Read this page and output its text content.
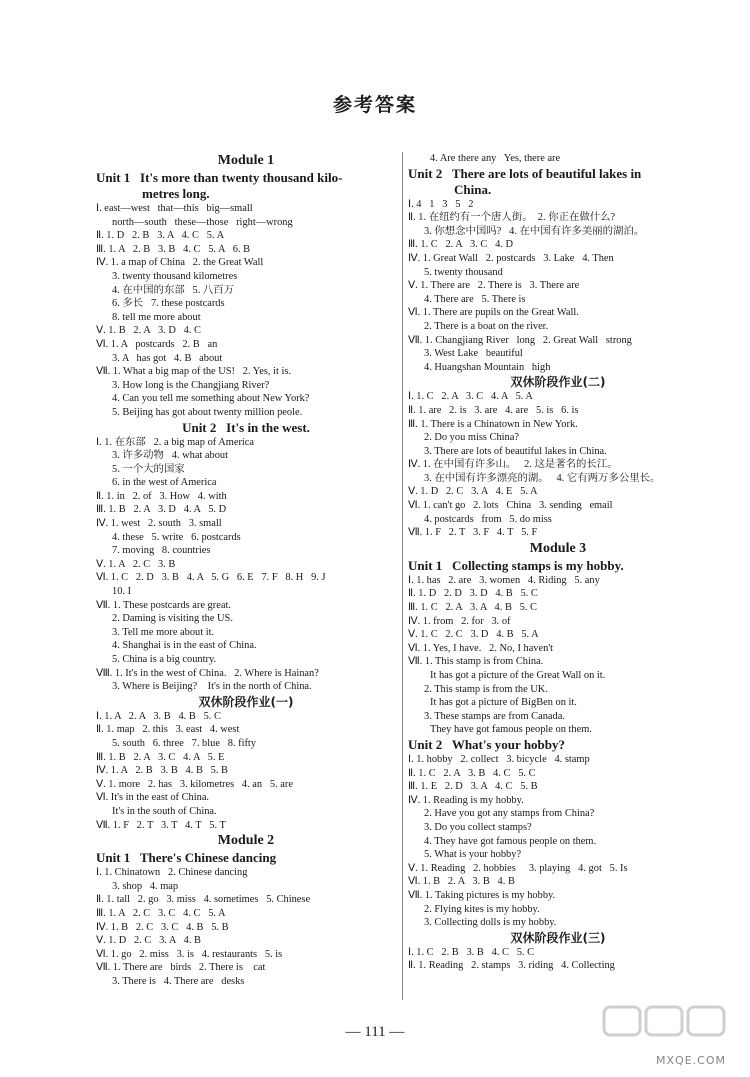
参考答案
Module 1
Unit 1   It's more than twenty thousand kilo-
metres long.
Ⅰ. east—west   that—this   big—small
north—south   these—those   right—wrong
Ⅱ. 1. D   2. B   3. A   4. C   5. A
Ⅲ. 1. A   2. B   3. B   4. C   5. A   6. B
Ⅳ. 1. a map of China   2. the Great Wall
3. twenty thousand kilometres
4. 在中国的东部   5. 八百万
6. 多长   7. these postcards
8. tell me more about
Ⅴ. 1. B   2. A   3. D   4. C
Ⅵ. 1. A   postcards   2. B   an
3. A   has got   4. B   about
Ⅶ. 1. What a big map of the US!   2. Yes, it is.
3. How long is the Changjiang River?
4. Can you tell me something about New York?
5. Beijing has got about twenty million peole.
Unit 2   It's in the west.
Ⅰ. 1. 在东部   2. a big map of America
3. 许多动物   4. what about
5. 一个大的国家
6. in the west of America
Ⅱ. 1. in   2. of   3. How   4. with
Ⅲ. 1. B   2. A   3. D   4. A   5. D
Ⅳ. 1. west   2. south   3. small
4. these   5. write   6. postcards
7. moving   8. countries
Ⅴ. 1. A   2. C   3. B
Ⅵ. 1. C   2. D   3. B   4. A   5. G   6. E   7. F   8. H   9. J
10. I
Ⅶ. 1. These postcards are great.
2. Daming is visiting the US.
3. Tell me more about it.
4. Shanghai is in the east of China.
5. China is a big country.
Ⅷ. 1. It's in the west of China.   2. Where is Hainan?
3. Where is Beijing?    It's in the north of China.
双休阶段作业(一)
Ⅰ. 1. A   2. A   3. B   4. B   5. C
Ⅱ. 1. map   2. this   3. east   4. west
5. south   6. three   7. blue   8. fifty
Ⅲ. 1. B   2. A   3. C   4. A   5. E
Ⅳ. 1. A   2. B   3. B   4. B   5. B
Ⅴ. 1. more   2. has   3. kilometres   4. an   5. are
Ⅵ. It's in the east of China.
It's in the south of China.
Ⅶ. 1. F   2. T   3. T   4. T   5. T
Module 2
Unit 1   There's Chinese dancing
Ⅰ. 1. Chinatown   2. Chinese dancing
3. shop   4. map
Ⅱ. 1. tall   2. go   3. miss   4. sometimes   5. Chinese
Ⅲ. 1. A   2. C   3. C   4. C   5. A
Ⅳ. 1. B   2. C   3. C   4. B   5. B
Ⅴ. 1. D   2. C   3. A   4. B
Ⅵ. 1. go   2. miss   3. is   4. restaurants   5. is
Ⅶ. 1. There are   birds   2. There is    cat
3. There is   4. There are   desks
4. Are there any   Yes, there are
Unit 2   There are lots of beautiful lakes in
China.
Ⅰ. 4   1   3   5   2
Ⅱ. 1. 在纽约有一个唐人街。  2. 你正在做什么?
3. 你想念中国吗?   4. 在中国有许多美丽的湖泊。
Ⅲ. 1. C   2. A   3. C   4. D
Ⅳ. 1. Great Wall   2. postcards   3. Lake   4. Then
5. twenty thousand
Ⅴ. 1. There are   2. There is   3. There are
4. There are   5. There is
Ⅵ. 1. There are pupils on the Great Wall.
2. There is a boat on the river.
Ⅶ. 1. Changjiang River   long   2. Great Wall   strong
3. West Lake   beautiful
4. Huangshan Mountain   high
双休阶段作业(二)
Ⅰ. 1. C   2. A   3. C   4. A   5. A
Ⅱ. 1. are   2. is   3. are   4. are   5. is   6. is
Ⅲ. 1. There is a Chinatown in New York.
2. Do you miss China?
3. There are lots of beautiful lakes in China.
Ⅳ. 1. 在中国有许多山。   2. 这是著名的长江。
3. 在中国有许多漂亮的湖。   4. 它有两万多公里长。
Ⅴ. 1. D   2. C   3. A   4. E   5. A
Ⅵ. 1. can't go   2. lots   China   3. sending   email
4. postcards   from   5. do miss
Ⅶ. 1. F   2. T   3. F   4. T   5. F
Module 3
Unit 1   Collecting stamps is my hobby.
Ⅰ. 1. has   2. are   3. women   4. Riding   5. any
Ⅱ. 1. D   2. D   3. D   4. B   5. C
Ⅲ. 1. C   2. A   3. A   4. B   5. C
Ⅳ. 1. from   2. for   3. of
Ⅴ. 1. C   2. C   3. D   4. B   5. A
Ⅵ. 1. Yes, I have.   2. No, I haven't
Ⅶ. 1. This stamp is from China.
It has got a picture of the Great Wall on it.
2. This stamp is from the UK.
It has got a picture of BigBen on it.
3. These stamps are from Canada.
They have got famous people on them.
Unit 2   What's your hobby?
Ⅰ. 1. hobby   2. collect   3. bicycle   4. stamp
Ⅱ. 1. C   2. A   3. B   4. C   5. C
Ⅲ. 1. E   2. D   3. A   4. C   5. B
Ⅳ. 1. Reading is my hobby.
2. Have you got any stamps from China?
3. Do you collect stamps?
4. They have got famous people on them.
5. What is your hobby?
Ⅴ. 1. Reading   2. hobbies     3. playing   4. got   5. Is
Ⅵ. 1. B   2. A   3. B   4. B
Ⅶ. 1. Taking pictures is my hobby.
2. Flying kites is my hobby.
3. Collecting dolls is my hobby.
双休阶段作业(三)
Ⅰ. 1. C   2. B   3. B   4. C   5. C
Ⅱ. 1. Reading   2. stamps   3. riding   4. Collecting
— 111 —
MXQE.COM
